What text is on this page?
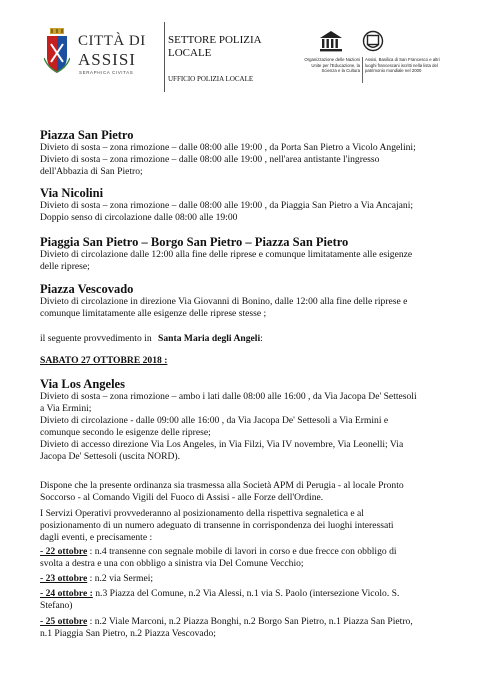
CITTÀ DI
ASSISI
SERAPHICA CIVITAS
SETTORE POLIZIA LOCALE
UFFICIO POLIZIA LOCALE
Organizzazione delle Nazioni Unite per l'Educazione, la Scienza e la Cultura
Assisi, Basilica di San Francesco e altri luoghi francescani iscritti nella lista del patrimonio mondiale nel 2000
Piazza San Pietro
Divieto di sosta – zona rimozione – dalle 08:00 alle 19:00 , da Porta San Pietro a Vicolo Angelini;
Divieto di sosta – zona rimozione – dalle 08:00 alle 19:00 , nell'area antistante l'ingresso
dell'Abbazia di San Pietro;
Via Nicolini
Divieto di sosta – zona rimozione – dalle 08:00 alle 19:00 , da Piaggia San Pietro a Via Ancajani;
Doppio senso di circolazione dalle 08:00 alle 19:00
Piaggia San Pietro – Borgo San Pietro – Piazza San Pietro
Divieto di circolazione dalle 12:00 alla fine delle riprese e comunque limitatamente alle esigenze
delle riprese;
Piazza Vescovado
Divieto di circolazione in direzione Via Giovanni di Bonino, dalle 12:00 alla fine delle riprese e
comunque limitatamente alle esigenze delle riprese stesse ;
il seguente provvedimento in Santa Maria degli Angeli:
SABATO 27 OTTOBRE 2018 :
Via Los Angeles
Divieto di sosta – zona rimozione – ambo i lati dalle 08:00 alle 16:00 , da Via Jacopa De' Settesoli
a Via Ermini;
Divieto di circolazione - dalle 09:00 alle 16:00 , da Via Jacopa De' Settesoli a Via Ermini e
comunque secondo le esigenze delle riprese;
Divieto di accesso direzione Via Los Angeles, in Via Filzi, Via IV novembre, Via Leonelli; Via
Jacopa De' Settesoli (uscita NORD).
Dispone che la presente ordinanza sia trasmessa alla Società APM di Perugia - al locale Pronto
Soccorso - al Comando Vigili del Fuoco di Assisi - alle Forze dell'Ordine.
I Servizi Operativi provvederanno al posizionamento della rispettiva segnaletica e al
posizionamento di un numero adeguato di transenne in corrispondenza dei luoghi interessati
dagli eventi, e precisamente :
- 22 ottobre : n.4 transenne con segnale mobile di lavori in corso e due frecce con obbligo di
svolta a destra e una con obbligo a sinistra via Del Comune Vecchio;
- 23 ottobre : n.2 via Sermei;
- 24 ottobre : n.3 Piazza del Comune, n.2 Via Alessi, n.1 via S. Paolo (intersezione Vicolo. S.
Stefano)
- 25 ottobre : n.2 Viale Marconi, n.2 Piazza Bonghi, n.2 Borgo San Pietro, n.1 Piazza San Pietro,
n.1 Piaggia San Pietro, n.2 Piazza Vescovado;
